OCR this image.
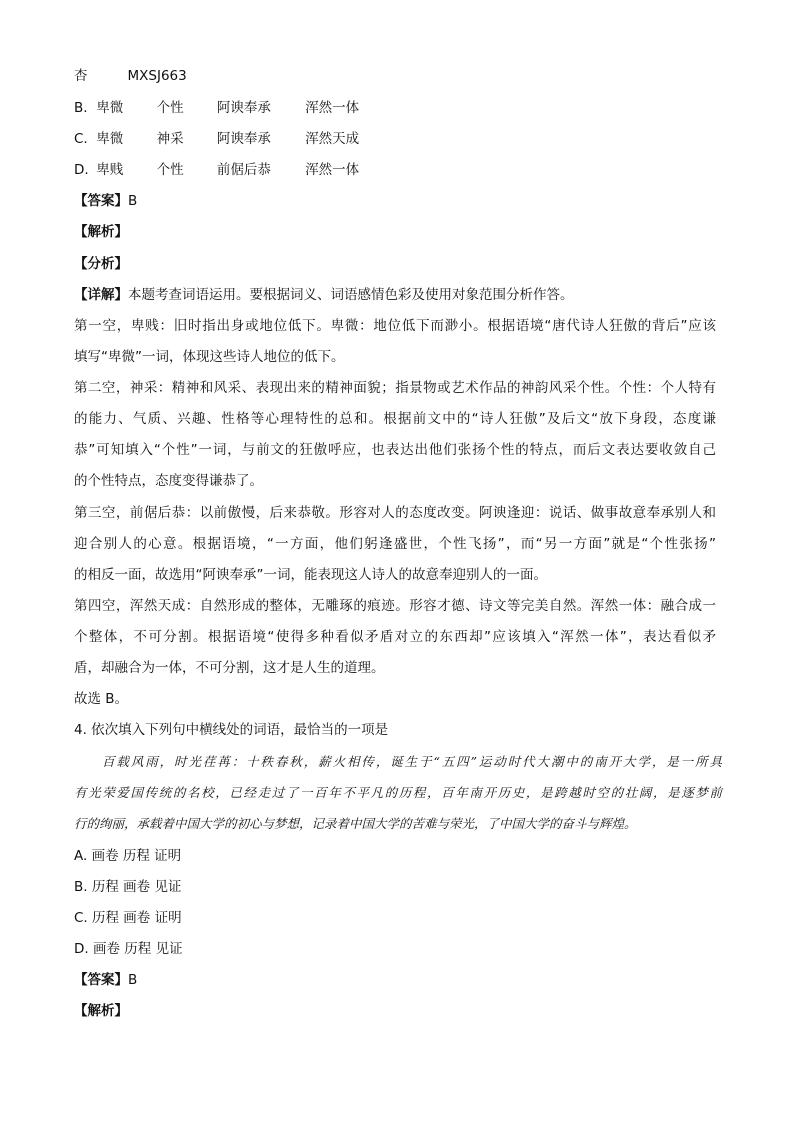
杏	MXSJ663
B. 卑微 个性 阿谀奉承	浑然一体
C. 卑微 神采 阿谀奉承	浑然天成
D. 卑贱 个性 前倨后恭	浑然一体
【答案】B
【解析】
【分析】
【详解】本题考查词语运用。要根据词义、词语感情色彩及使用对象范围分析作答。
第一空，卑贱：旧时指出身或地位低下。卑微：地位低下而渺小。根据语境“唐代诗人狂傲的背后”应该
填写“卑微”一词，体现这些诗人地位的低下。
第二空，神采：精神和风采、表现出来的精神面貌；指景物或艺术作品的神韵风采个性。个性：个人特有
的能力、气质、兴趣、性格等心理特性的总和。根据前文中的“诗人狂傲”及后文“放下身段，态度谦
恭”可知填入“个性”一词，与前文的狂傲呼应，也表达出他们张扬个性的特点，而后文表达要收敛自己
的个性特点，态度变得谦恭了。
第三空，前倨后恭：以前傲慢，后来恭敬。形容对人的态度改变。阿谀逢迎：说话、做事故意奉承别人和
迎合别人的心意。根据语境，“一方面，他们躬逢盛世，个性飞扬”，而“另一方面”就是“个性张扬”
的相反一面，故选用“阿谀奉承”一词，能表现这人诗人的故意奉迎别人的一面。
第四空，浑然天成：自然形成的整体，无雕琢的痕迹。形容才德、诗文等完美自然。浑然一体：融合成一
个整体，不可分割。根据语境“使得多种看似矛盾对立的东西却”应该填入“浑然一体”，表达看似矛
盾，却融合为一体，不可分割，这才是人生的道理。
故选 B。
4. 依次填入下列句中横线处的词语，最恰当的一项是
百载风雨，时光荏苒：十秩春秋，薪火相传，诞生于“五四”运动时代大潮中的南开大学，是一所具
有光荣爱国传统的名校，已经走过了一百年不平凡的历程，百年南开历史，是跨越时空的壮阔，是逐梦前
行的绚丽，承载着中国大学的初心与梦想，记录着中国大学的苦难与荣光，了中国大学的奋斗与辉煌。
A. 画卷 历程 证明
B. 历程 画卷 见证
C. 历程 画卷 证明
D. 画卷 历程 见证
【答案】B
【解析】
